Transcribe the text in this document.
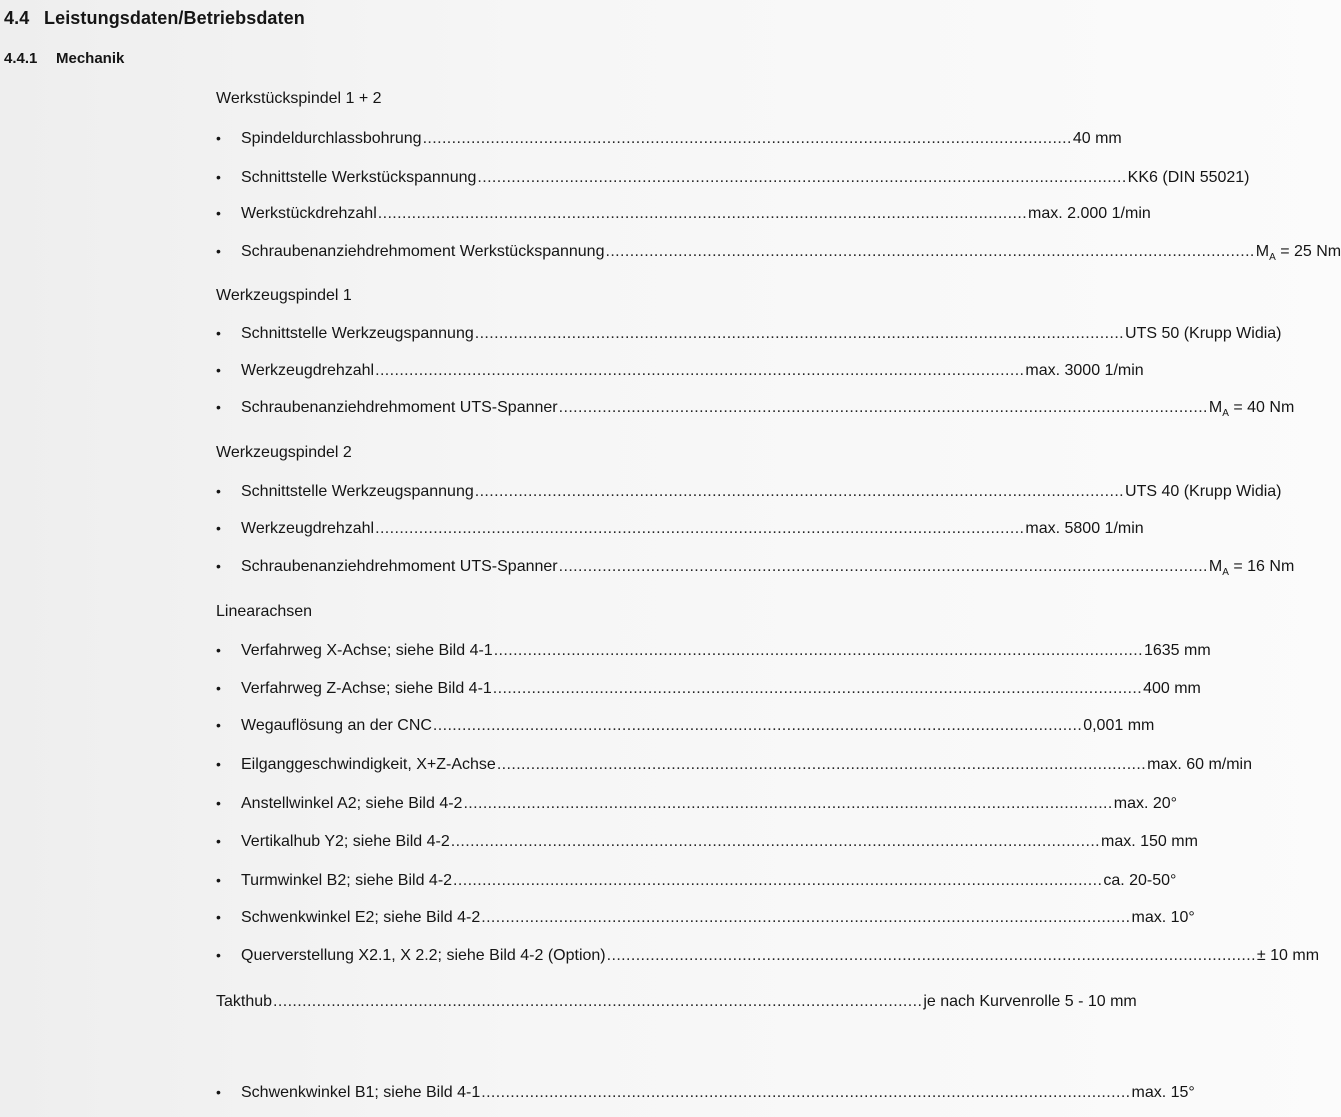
4.4 Leistungsdaten/Betriebsdaten
4.4.1 Mechanik
Werkstückspindel 1 + 2
•	Spindeldurchlassbohrung ...................................................................................................................................... 40 mm
•	Schnittstelle Werkstückspannung ...................................................................................................................................... KK6 (DIN 55021)
•	Werkstückdrehzahl ...................................................................................................................................... max. 2.000 1/min
•	Schraubenanziehdrehmoment Werkstückspannung ...................................................................................................................................... $M_A = 25$ Nm
Werkzeugspindel 1
•	Schnittstelle Werkzeugspannung ...................................................................................................................................... UTS 50 (Krupp Widia)
•	Werkzeugdrehzahl ...................................................................................................................................... max. 3000 1/min
•	Schraubenanziehdrehmoment UTS-Spanner ...................................................................................................................................... $M_A = 40$ Nm
Werkzeugspindel 2
•	Schnittstelle Werkzeugspannung ...................................................................................................................................... UTS 40 (Krupp Widia)
•	Werkzeugdrehzahl ...................................................................................................................................... max. 5800 1/min
•	Schraubenanziehdrehmoment UTS-Spanner ...................................................................................................................................... $M_A = 16$ Nm
Linearachsen
•	Verfahrweg X-Achse; siehe Bild 4-1 ...................................................................................................................................... 1635 mm
•	Verfahrweg Z-Achse; siehe Bild 4-1 ...................................................................................................................................... 400 mm
•	Wegauflösung an der CNC ...................................................................................................................................... 0,001 mm
•	Eilganggeschwindigkeit, X+Z-Achse ...................................................................................................................................... max. 60 m/min
•	Anstellwinkel A2; siehe Bild 4-2 ...................................................................................................................................... max. 20°
•	Vertikalhub Y2; siehe Bild 4-2 ...................................................................................................................................... max. 150 mm
•	Turmwinkel B2; siehe Bild 4-2 ...................................................................................................................................... ca. 20-50°
•	Schwenkwinkel E2; siehe Bild 4-2 ...................................................................................................................................... max. 10°
•	Querverstellung X2.1, X 2.2; siehe Bild 4-2 (Option) ...................................................................................................................................... ± 10 mm
Takthub ...................................................................................................................................... je nach Kurvenrolle 5 - 10 mm
•	Schwenkwinkel B1; siehe Bild 4-1 ...................................................................................................................................... max. 15°
